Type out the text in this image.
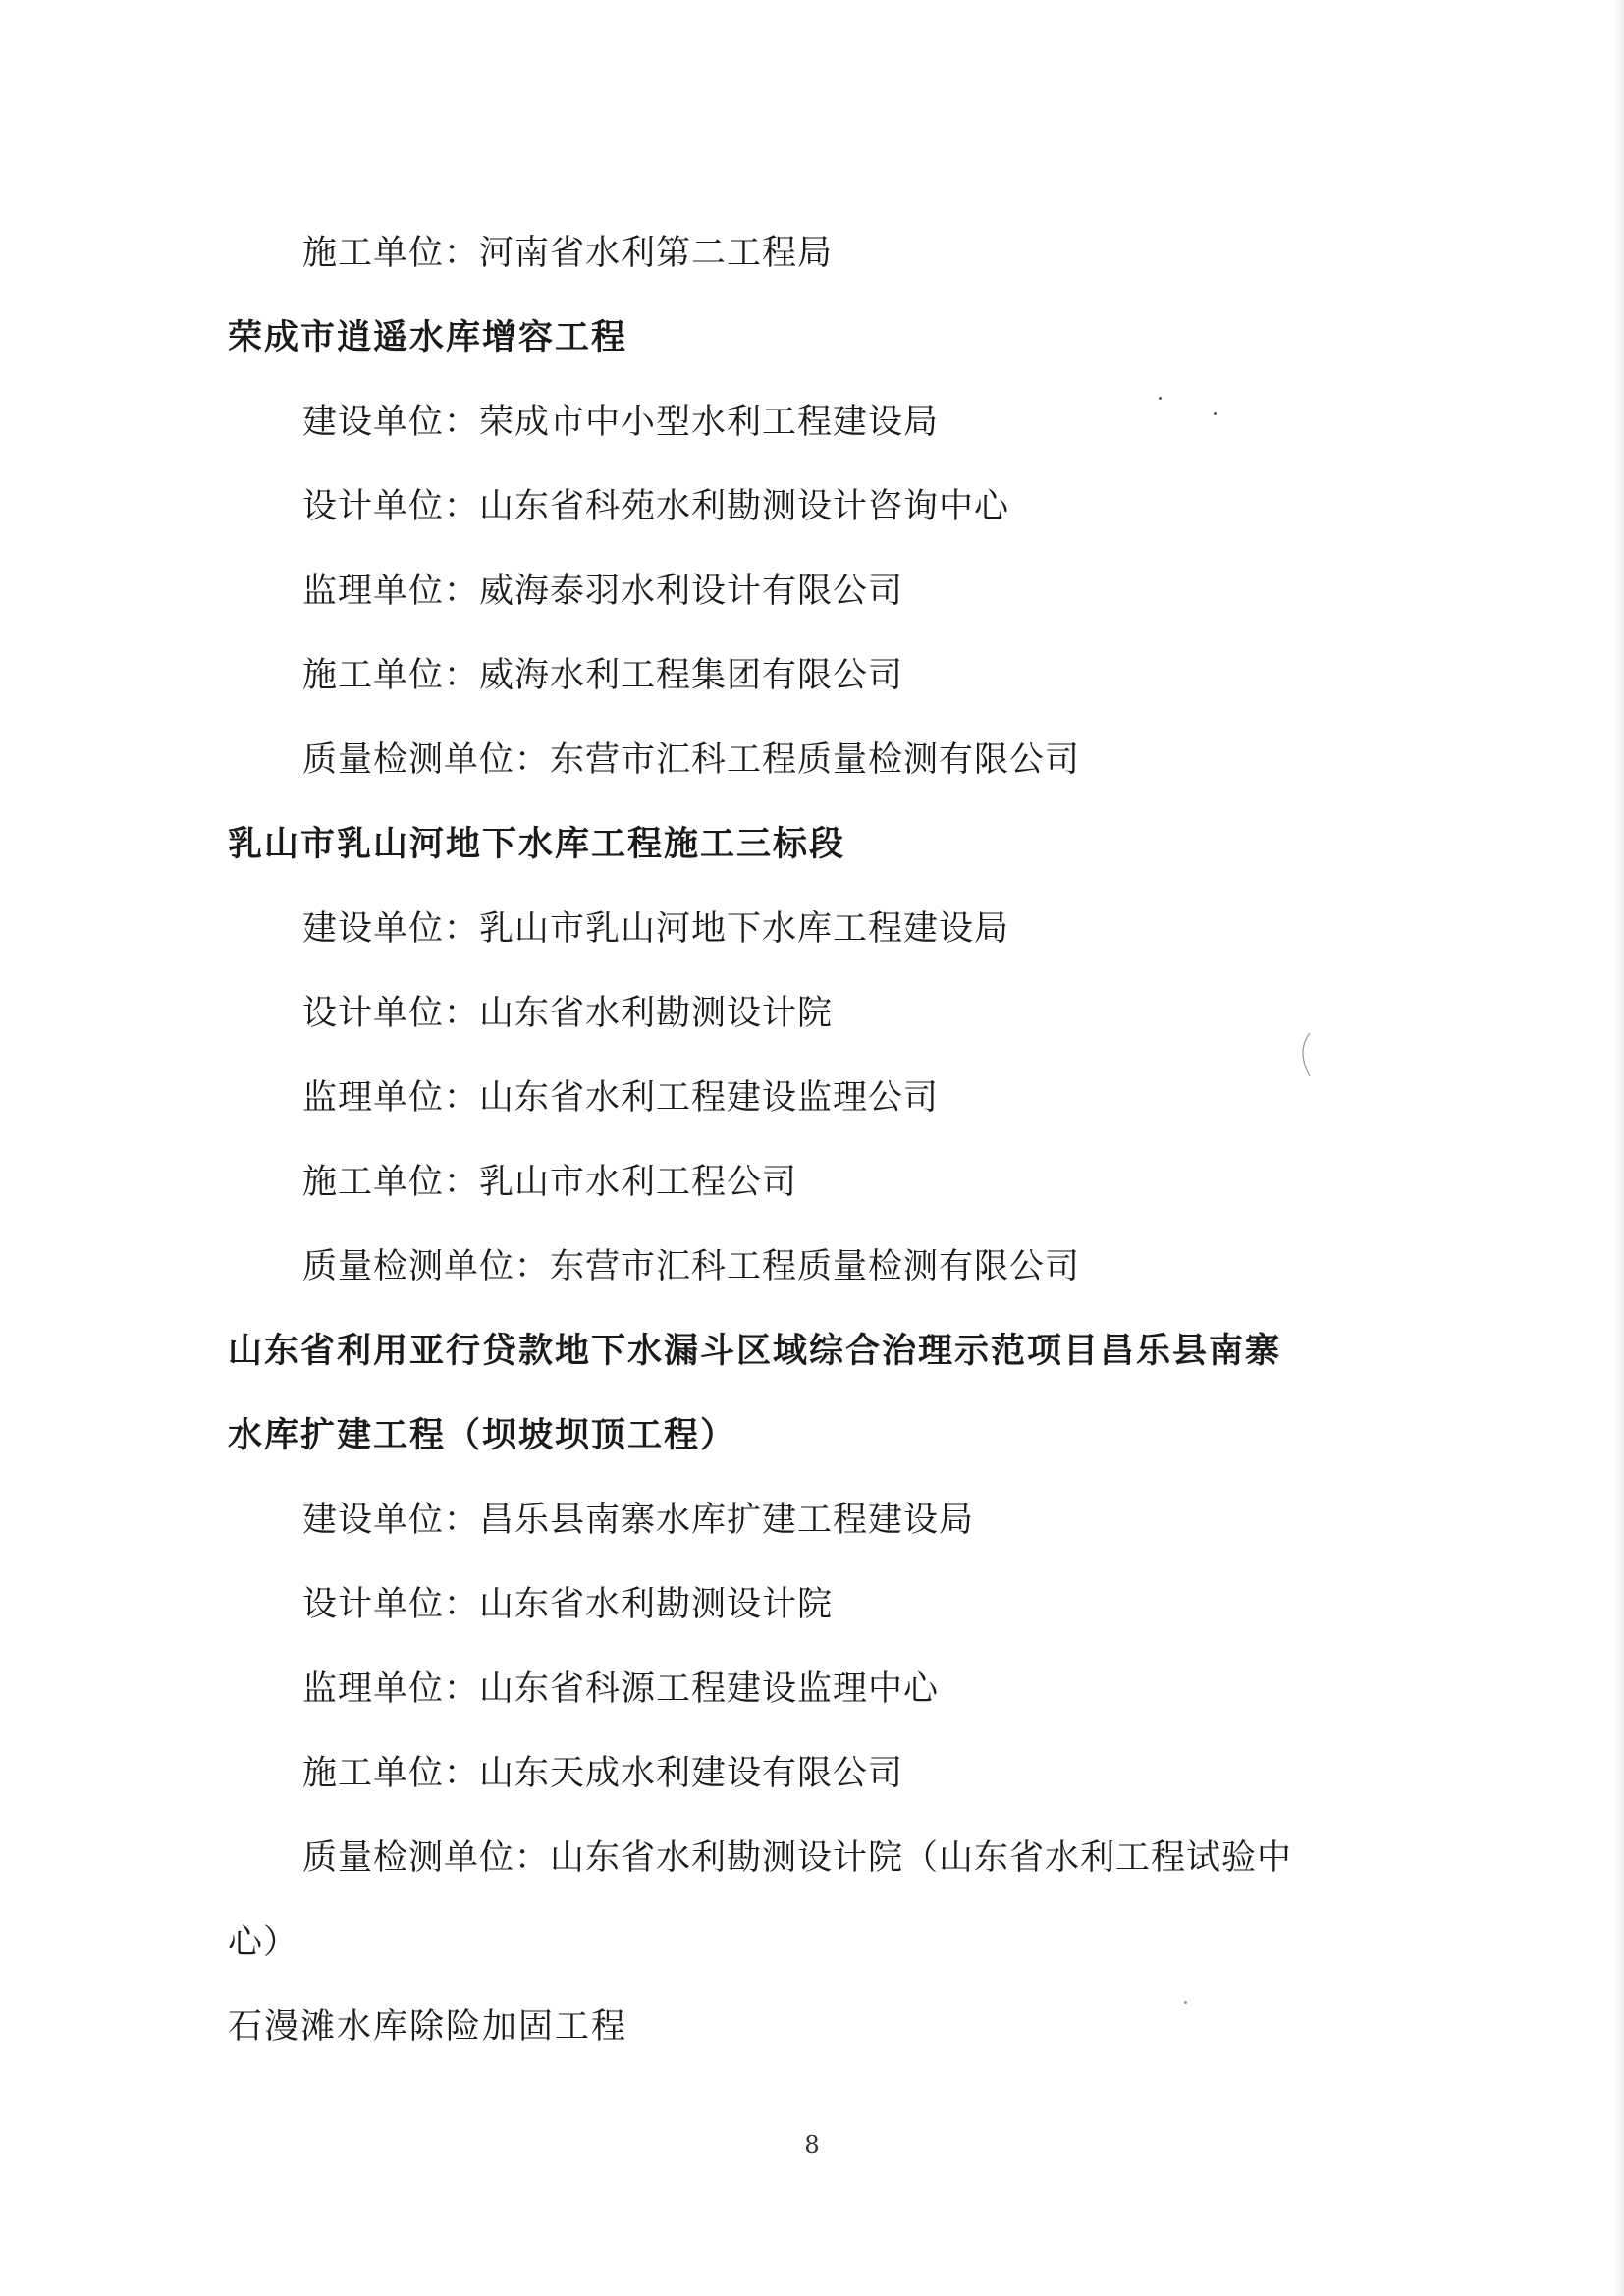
施工单位：河南省水利第二工程局

荣成市逍遥水库增容工程

建设单位：荣成市中小型水利工程建设局

设计单位：山东省科苑水利勘测设计咨询中心

监理单位：威海泰羽水利设计有限公司

施工单位：威海水利工程集团有限公司

质量检测单位：东营市汇科工程质量检测有限公司

乳山市乳山河地下水库工程施工三标段

建设单位：乳山市乳山河地下水库工程建设局

设计单位：山东省水利勘测设计院

监理单位：山东省水利工程建设监理公司

施工单位：乳山市水利工程公司

质量检测单位：东营市汇科工程质量检测有限公司

山东省利用亚行贷款地下水漏斗区域综合治理示范项目昌乐县南寨

水库扩建工程（坝坡坝顶工程）

建设单位：昌乐县南寨水库扩建工程建设局

设计单位：山东省水利勘测设计院

监理单位：山东省科源工程建设监理中心

施工单位：山东天成水利建设有限公司

质量检测单位：山东省水利勘测设计院（山东省水利工程试验中

心）

石漫滩水库除险加固工程

8
